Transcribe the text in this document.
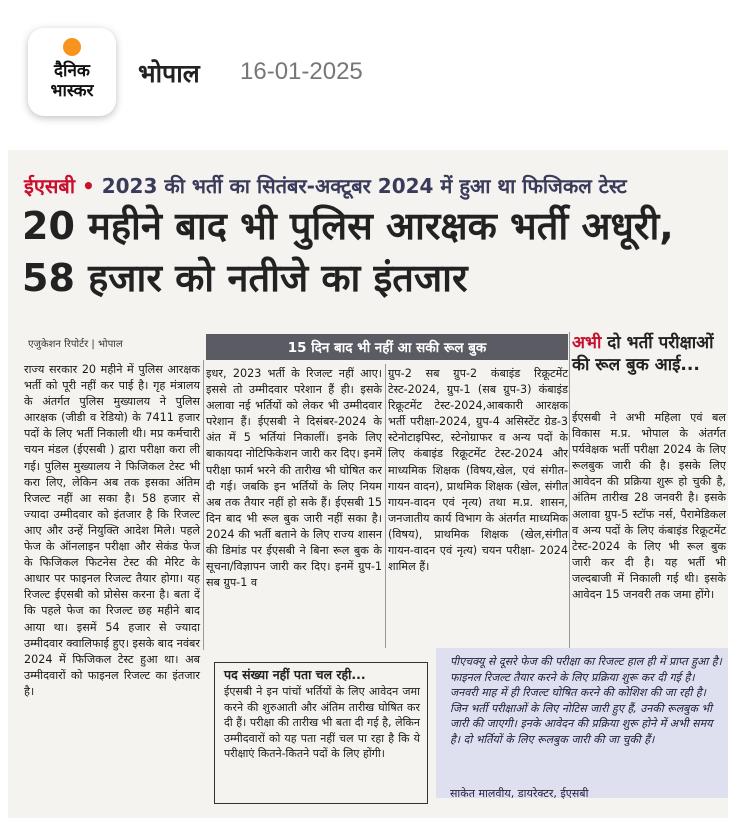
दैनिक
भास्कर
भोपाल 16-01-2025
ईएसबी • 2023 की भर्ती का सितंबर-अक्टूबर 2024 में हुआ था फिजिकल टेस्ट
20 महीने बाद भी पुलिस आरक्षक भर्ती अधूरी, 58 हजार को नतीजे का इंतजार
एजुकेशन रिपोर्टर | भोपाल
राज्य सरकार 20 महीने में पुलिस आरक्षक भर्ती को पूरी नहीं कर पाई है। गृह मंत्रालय के अंतर्गत पुलिस मुख्यालय ने पुलिस आरक्षक (जीडी व रेडियो) के 7411 हजार पदों के लिए भर्ती निकाली थी। मप्र कर्मचारी चयन मंडल (ईएसबी ) द्वारा परीक्षा करा ली गई। पुलिस मुख्यालय ने फिजिकल टेस्ट भी करा लिए, लेकिन अब तक इसका अंतिम रिजल्ट नहीं आ सका है। 58 हजार से ज्यादा उम्मीदवार को इंतजार है कि रिजल्ट आए और उन्हें नियुक्ति आदेश मिले। पहले फेज के ऑनलाइन परीक्षा और सेकंड फेज के फिजिकल फिटनेस टेस्ट की मेरिट के आधार पर फाइनल रिजल्ट तैयार होगा। यह रिजल्ट ईएसबी को प्रोसेस करना है। बता दें कि पहले फेज का रिजल्ट छह महीने बाद आया था। इसमें 54 हजार से ज्यादा उम्मीदवार क्वालिफाई हुए। इसके बाद नवंबर 2024 में फिजिकल टेस्ट हुआ था। अब उम्मीदवारों को फाइनल रिजल्ट का इंतजार है।
15 दिन बाद भी नहीं आ सकी रूल बुक
इधर, 2023 भर्ती के रिजल्ट नहीं आए। इससे तो उम्मीदवार परेशान हैं ही। इसके अलावा नई भर्तियों को लेकर भी उम्मीदवार परेशान हैं। ईएसबी ने दिसंबर-2024 के अंत में 5 भर्तियां निकालीं। इनके लिए बाकायदा नोटिफिकेशन जारी कर दिए। इनमें परीक्षा फार्म भरने की तारीख भी घोषित कर दी गई। जबकि इन भर्तियों के लिए नियम अब तक तैयार नहीं हो सके हैं। ईएसबी 15 दिन बाद भी रूल बुक जारी नहीं सका है। 2024 की भर्ती बताने के लिए राज्य शासन की डिमांड पर ईएसबी ने बिना रूल बुक के सूचना/विज्ञापन जारी कर दिए। इनमें ग्रुप-1 सब ग्रुप-1 व
ग्रुप-2 सब ग्रुप-2 कंबाइंड रिक्रूटमेंट टेस्ट-2024, ग्रुप-1 (सब ग्रुप-3) कंबाइंड रिक्रूटमेंट टेस्ट-2024,आबकारी आरक्षक भर्ती परीक्षा-2024, ग्रुप-4 असिस्टेंट ग्रेड-3 स्टेनोटाइपिस्ट, स्टेनोग्राफर व अन्य पदों के लिए कंबाइंड रिक्रूटमेंट टेस्ट-2024 और माध्यमिक शिक्षक (विषय,खेल, एवं संगीत-गायन वादन), प्राथमिक शिक्षक (खेल, संगीत गायन-वादन एवं नृत्य) तथा म.प्र. शासन, जनजातीय कार्य विभाग के अंतर्गत माध्यमिक (विषय), प्राथमिक शिक्षक (खेल,संगीत गायन-वादन एवं नृत्य) चयन परीक्षा- 2024 शामिल हैं।
अभी दो भर्ती परीक्षाओं की रूल बुक आई...
ईएसबी ने अभी महिला एवं बल विकास म.प्र. भोपाल के अंतर्गत पर्यवेक्षक भर्ती परीक्षा 2024 के लिए रूलबुक जारी की है। इसके लिए आवेदन की प्रक्रिया शुरू हो चुकी है, अंतिम तारीख 28 जनवरी है। इसके अलावा ग्रुप-5 स्टॉफ नर्स, पैरामेडिकल व अन्य पदों के लिए कंबाइंड रिक्रूटमेंट टेस्ट-2024 के लिए भी रूल बुक जारी कर दी है। यह भर्ती भी जल्दबाजी में निकाली गई थी। इसके आवेदन 15 जनवरी तक जमा होंगे।
पद संख्या नहीं पता चल रही...
ईएसबी ने इन पांचों भर्तियों के लिए आवेदन जमा करने की शुरुआती और अंतिम तारीख घोषित कर दी हैं। परीक्षा की तारीख भी बता दी गई है, लेकिन उम्मीदवारों को यह पता नहीं चल पा रहा है कि ये परीक्षाएं कितने-कितने पदों के लिए होंगी।
पीएचक्यू से दूसरे फेज की परीक्षा का रिजल्ट हाल ही में प्राप्त हुआ है। फाइनल रिजल्ट तैयार करने के लिए प्रक्रिया शुरू कर दी गई है। जनवरी माह में ही रिजल्ट घोषित करने की कोशिश की जा रही है। जिन भर्ती परीक्षाओं के लिए नोटिस जारी हुए हैं, उनकी रूलबुक भी जारी की जाएगी। इनके आवेदन की प्रक्रिया शुरू होने में अभी समय है। दो भर्तियों के लिए रूलबुक जारी की जा चुकी हैं।
साकेत मालवीय, डायरेक्टर, ईएसबी
